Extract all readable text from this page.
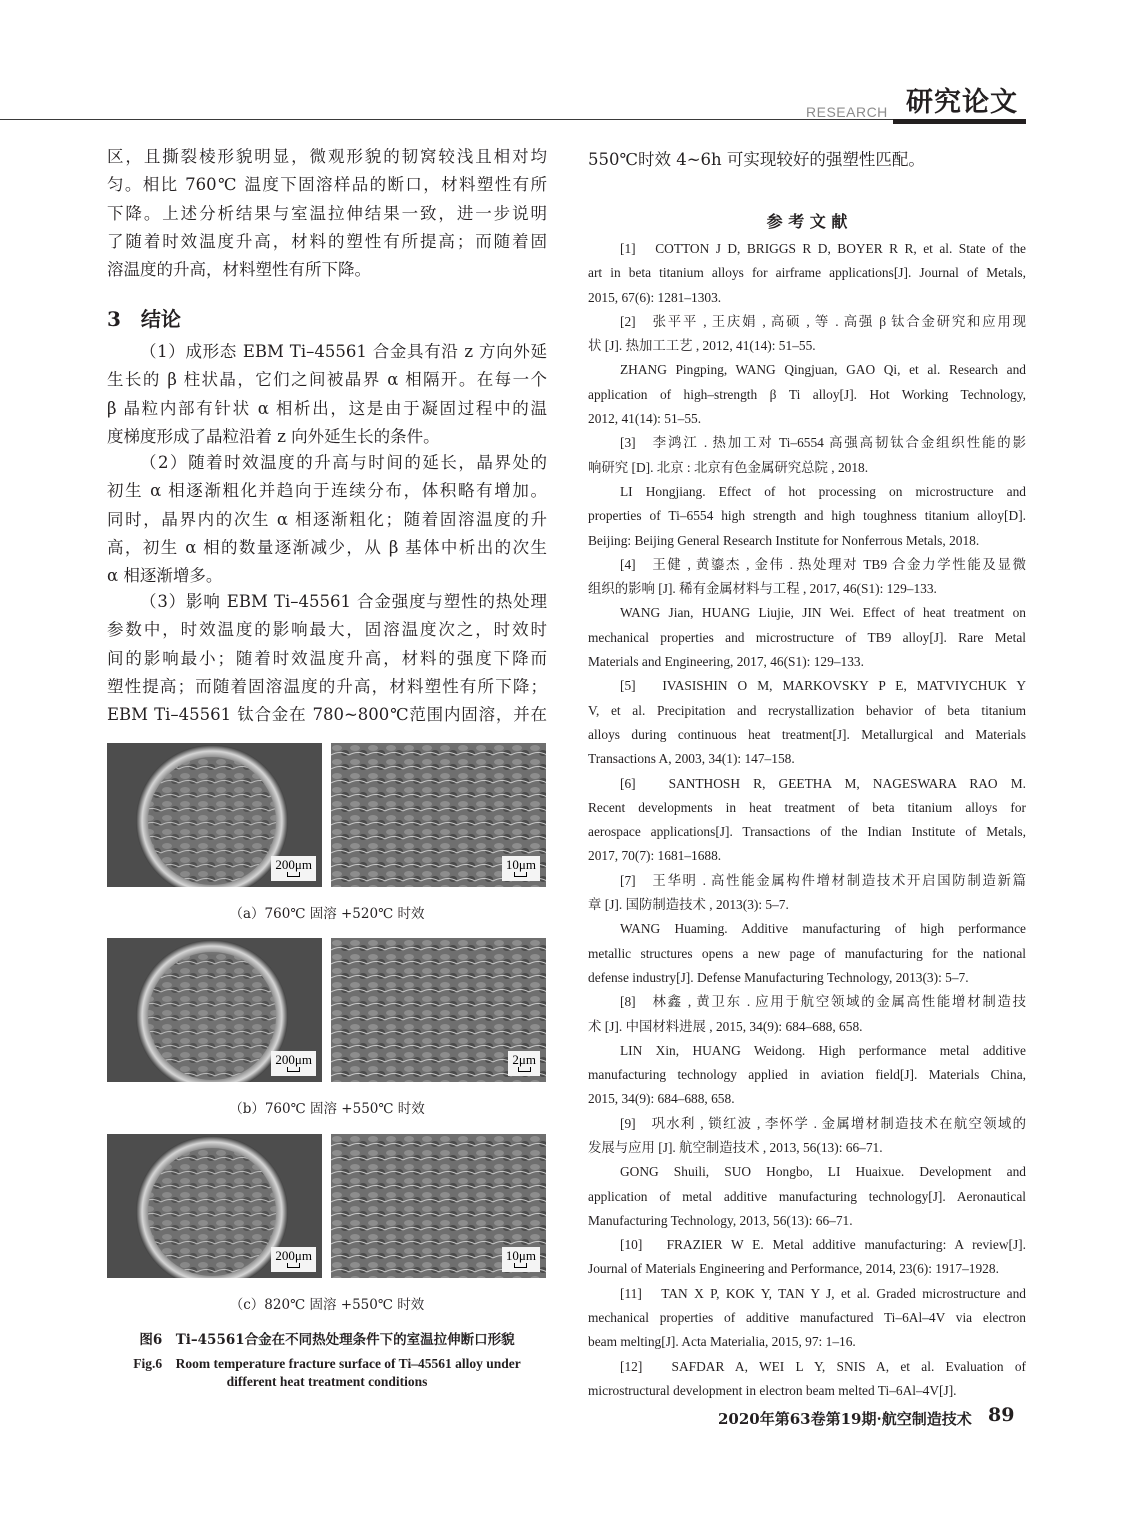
RESEARCH 研究论文
区，且撕裂棱形貌明显，微观形貌的韧窝较浅且相对均
匀。相比 760℃ 温度下固溶样品的断口，材料塑性有所
下降。上述分析结果与室温拉伸结果一致，进一步说明
了随着时效温度升高，材料的塑性有所提高；而随着固
溶温度的升高，材料塑性有所下降。
3　结论
（1）成形态 EBM Ti–45561 合金具有沿 z 方向外延
生长的 β 柱状晶，它们之间被晶界 α 相隔开。在每一个
β 晶粒内部有针状 α 相析出，这是由于凝固过程中的温
度梯度形成了晶粒沿着 z 向外延生长的条件。
（2）随着时效温度的升高与时间的延长，晶界处的
初生 α 相逐渐粗化并趋向于连续分布，体积略有增加。
同时，晶界内的次生 α 相逐渐粗化；随着固溶温度的升
高，初生 α 相的数量逐渐减少，从 β 基体中析出的次生
α 相逐渐增多。
（3）影响 EBM Ti–45561 合金强度与塑性的热处理
参数中，时效温度的影响最大，固溶温度次之，时效时
间的影响最小；随着时效温度升高，材料的强度下降而
塑性提高；而随着固溶温度的升高，材料塑性有所下降；
EBM Ti–45561 钛合金在 780~800℃范围内固溶，并在
200μm	10μm
（a）760℃ 固溶 +520℃ 时效
200μm	2μm
（b）760℃ 固溶 +550℃ 时效
200μm	10μm
（c）820℃ 固溶 +550℃ 时效
图6　Ti–45561合金在不同热处理条件下的室温拉伸断口形貌
Fig.6　Room temperature fracture surface of Ti–45561 alloy under
different heat treatment conditions
550℃时效 4~6h 可实现较好的强塑性匹配。
参 考 文 献
[1]　COTTON J D, BRIGGS R D, BOYER R R, et al. State of the
art in beta titanium alloys for airframe applications[J]. Journal of Metals,
2015, 67(6): 1281–1303.
[2]　张平平 , 王庆娟 , 高硕 , 等 . 高强 β 钛合金研究和应用现
状 [J]. 热加工工艺 , 2012, 41(14): 51–55.
ZHANG Pingping, WANG Qingjuan, GAO Qi, et al. Research and
application of high–strength β Ti alloy[J]. Hot Working Technology,
2012, 41(14): 51–55.
[3]　李鸿江 . 热加工对 Ti–6554 高强高韧钛合金组织性能的影
响研究 [D]. 北京 : 北京有色金属研究总院 , 2018.
LI Hongjiang. Effect of hot processing on microstructure and
properties of Ti–6554 high strength and high toughness titanium alloy[D].
Beijing: Beijing General Research Institute for Nonferrous Metals, 2018.
[4]　王健 , 黄鎏杰 , 金伟 . 热处理对 TB9 合金力学性能及显微
组织的影响 [J]. 稀有金属材料与工程 , 2017, 46(S1): 129–133.
WANG Jian, HUANG Liujie, JIN Wei. Effect of heat treatment on
mechanical properties and microstructure of TB9 alloy[J]. Rare Metal
Materials and Engineering, 2017, 46(S1): 129–133.
[5]　IVASISHIN O M, MARKOVSKY P E, MATVIYCHUK Y
V, et al. Precipitation and recrystallization behavior of beta titanium
alloys during continuous heat treatment[J]. Metallurgical and Materials
Transactions A, 2003, 34(1): 147–158.
[6]　SANTHOSH R, GEETHA M, NAGESWARA RAO M.
Recent developments in heat treatment of beta titanium alloys for
aerospace applications[J]. Transactions of the Indian Institute of Metals,
2017, 70(7): 1681–1688.
[7]　王华明 . 高性能金属构件增材制造技术开启国防制造新篇
章 [J]. 国防制造技术 , 2013(3): 5–7.
WANG Huaming. Additive manufacturing of high performance
metallic structures opens a new page of manufacturing for the national
defense industry[J]. Defense Manufacturing Technology, 2013(3): 5–7.
[8]　林鑫 , 黄卫东 . 应用于航空领域的金属高性能增材制造技
术 [J]. 中国材料进展 , 2015, 34(9): 684–688, 658.
LIN Xin, HUANG Weidong. High performance metal additive
manufacturing technology applied in aviation field[J]. Materials China,
2015, 34(9): 684–688, 658.
[9]　巩水利 , 锁红波 , 李怀学 . 金属增材制造技术在航空领域的
发展与应用 [J]. 航空制造技术 , 2013, 56(13): 66–71.
GONG Shuili, SUO Hongbo, LI Huaixue. Development and
application of metal additive manufacturing technology[J]. Aeronautical
Manufacturing Technology, 2013, 56(13): 66–71.
[10]　FRAZIER W E. Metal additive manufacturing: A review[J].
Journal of Materials Engineering and Performance, 2014, 23(6): 1917–1928.
[11]　TAN X P, KOK Y, TAN Y J, et al. Graded microstructure and
mechanical properties of additive manufactured Ti–6Al–4V via electron
beam melting[J]. Acta Materialia, 2015, 97: 1–16.
[12]　SAFDAR A, WEI L Y, SNIS A, et al. Evaluation of
microstructural development in electron beam melted Ti–6Al–4V[J].
2020年第63卷第19期·航空制造技术 89
